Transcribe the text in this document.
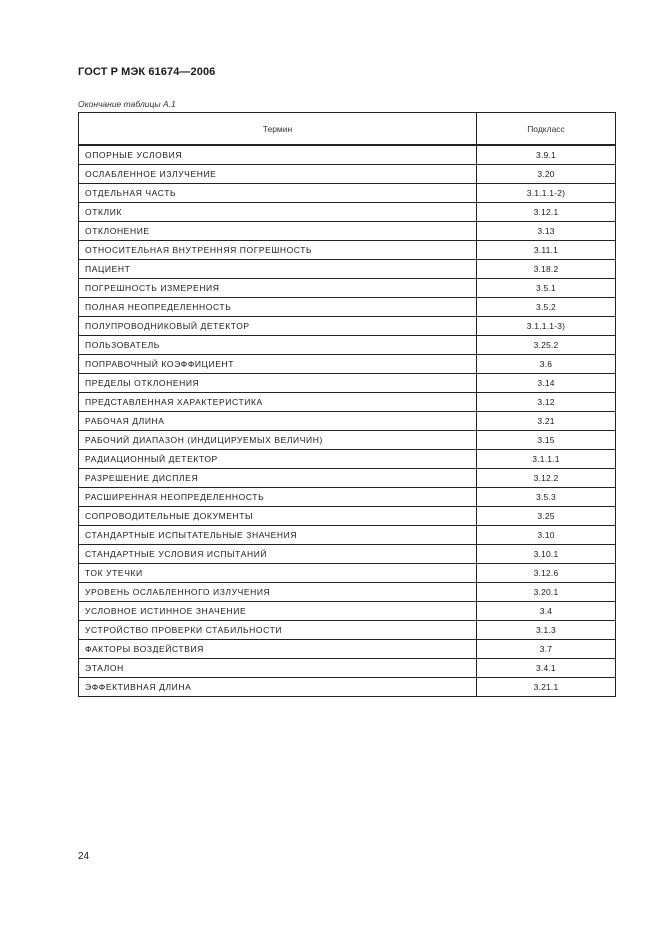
ГОСТ Р МЭК 61674—2006
Окончание таблицы А.1
Термин	Подкласс
ОПОРНЫЕ УСЛОВИЯ	3.9.1
ОСЛАБЛЕННОЕ ИЗЛУЧЕНИЕ	3.20
ОТДЕЛЬНАЯ ЧАСТЬ	3.1.1.1-2)
ОТКЛИК	3.12.1
ОТКЛОНЕНИЕ	3.13
ОТНОСИТЕЛЬНАЯ ВНУТРЕННЯЯ ПОГРЕШНОСТЬ	3.11.1
ПАЦИЕНТ	3.18.2
ПОГРЕШНОСТЬ ИЗМЕРЕНИЯ	3.5.1
ПОЛНАЯ НЕОПРЕДЕЛЕННОСТЬ	3.5.2
ПОЛУПРОВОДНИКОВЫЙ ДЕТЕКТОР	3.1.1.1-3)
ПОЛЬЗОВАТЕЛЬ	3.25.2
ПОПРАВОЧНЫЙ КОЭФФИЦИЕНТ	3.6
ПРЕДЕЛЫ ОТКЛОНЕНИЯ	3.14
ПРЕДСТАВЛЕННАЯ ХАРАКТЕРИСТИКА	3.12
РАБОЧАЯ ДЛИНА	3.21
РАБОЧИЙ ДИАПАЗОН (ИНДИЦИРУЕМЫХ ВЕЛИЧИН)	3.15
РАДИАЦИОННЫЙ ДЕТЕКТОР	3.1.1.1
РАЗРЕШЕНИЕ ДИСПЛЕЯ	3.12.2
РАСШИРЕННАЯ НЕОПРЕДЕЛЕННОСТЬ	3.5.3
СОПРОВОДИТЕЛЬНЫЕ ДОКУМЕНТЫ	3.25
СТАНДАРТНЫЕ ИСПЫТАТЕЛЬНЫЕ ЗНАЧЕНИЯ	3.10
СТАНДАРТНЫЕ УСЛОВИЯ ИСПЫТАНИЙ	3.10.1
ТОК УТЕЧКИ	3.12.6
УРОВЕНЬ ОСЛАБЛЕННОГО ИЗЛУЧЕНИЯ	3.20.1
УСЛОВНОЕ ИСТИННОЕ ЗНАЧЕНИЕ	3.4
УСТРОЙСТВО ПРОВЕРКИ СТАБИЛЬНОСТИ	3.1.3
ФАКТОРЫ ВОЗДЕЙСТВИЯ	3.7
ЭТАЛОН	3.4.1
ЭФФЕКТИВНАЯ ДЛИНА	3.21.1
24
